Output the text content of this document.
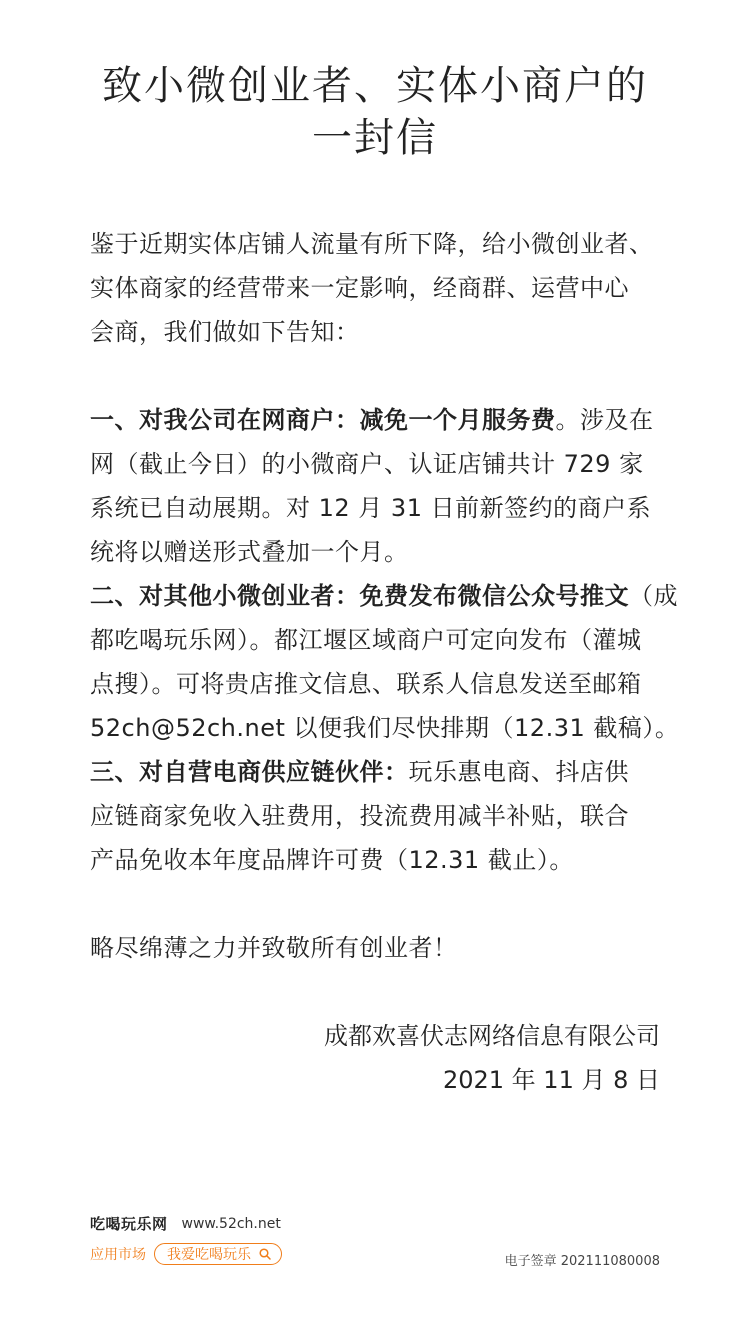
致小微创业者、实体小商户的
一封信
鉴于近期实体店铺人流量有所下降，给小微创业者、
实体商家的经营带来一定影响，经商群、运营中心
会商，我们做如下告知：
一、对我公司在网商户：减免一个月服务费。涉及在
网（截止今日）的小微商户、认证店铺共计 729 家
系统已自动展期。对 12 月 31 日前新签约的商户系
统将以赠送形式叠加一个月。
二、对其他小微创业者：免费发布微信公众号推文（成
都吃喝玩乐网）。都江堰区域商户可定向发布（灌城
点搜）。可将贵店推文信息、联系人信息发送至邮箱
52ch@52ch.net 以便我们尽快排期（12.31 截稿）。
三、对自营电商供应链伙伴：玩乐惠电商、抖店供
应链商家免收入驻费用，投流费用减半补贴，联合
产品免收本年度品牌许可费（12.31 截止）。
略尽绵薄之力并致敬所有创业者！
成都欢喜伏志网络信息有限公司
2021 年 11 月 8 日
吃喝玩乐网 www.52ch.net
应用市场 我爱吃喝玩乐	电子签章 202111080008
